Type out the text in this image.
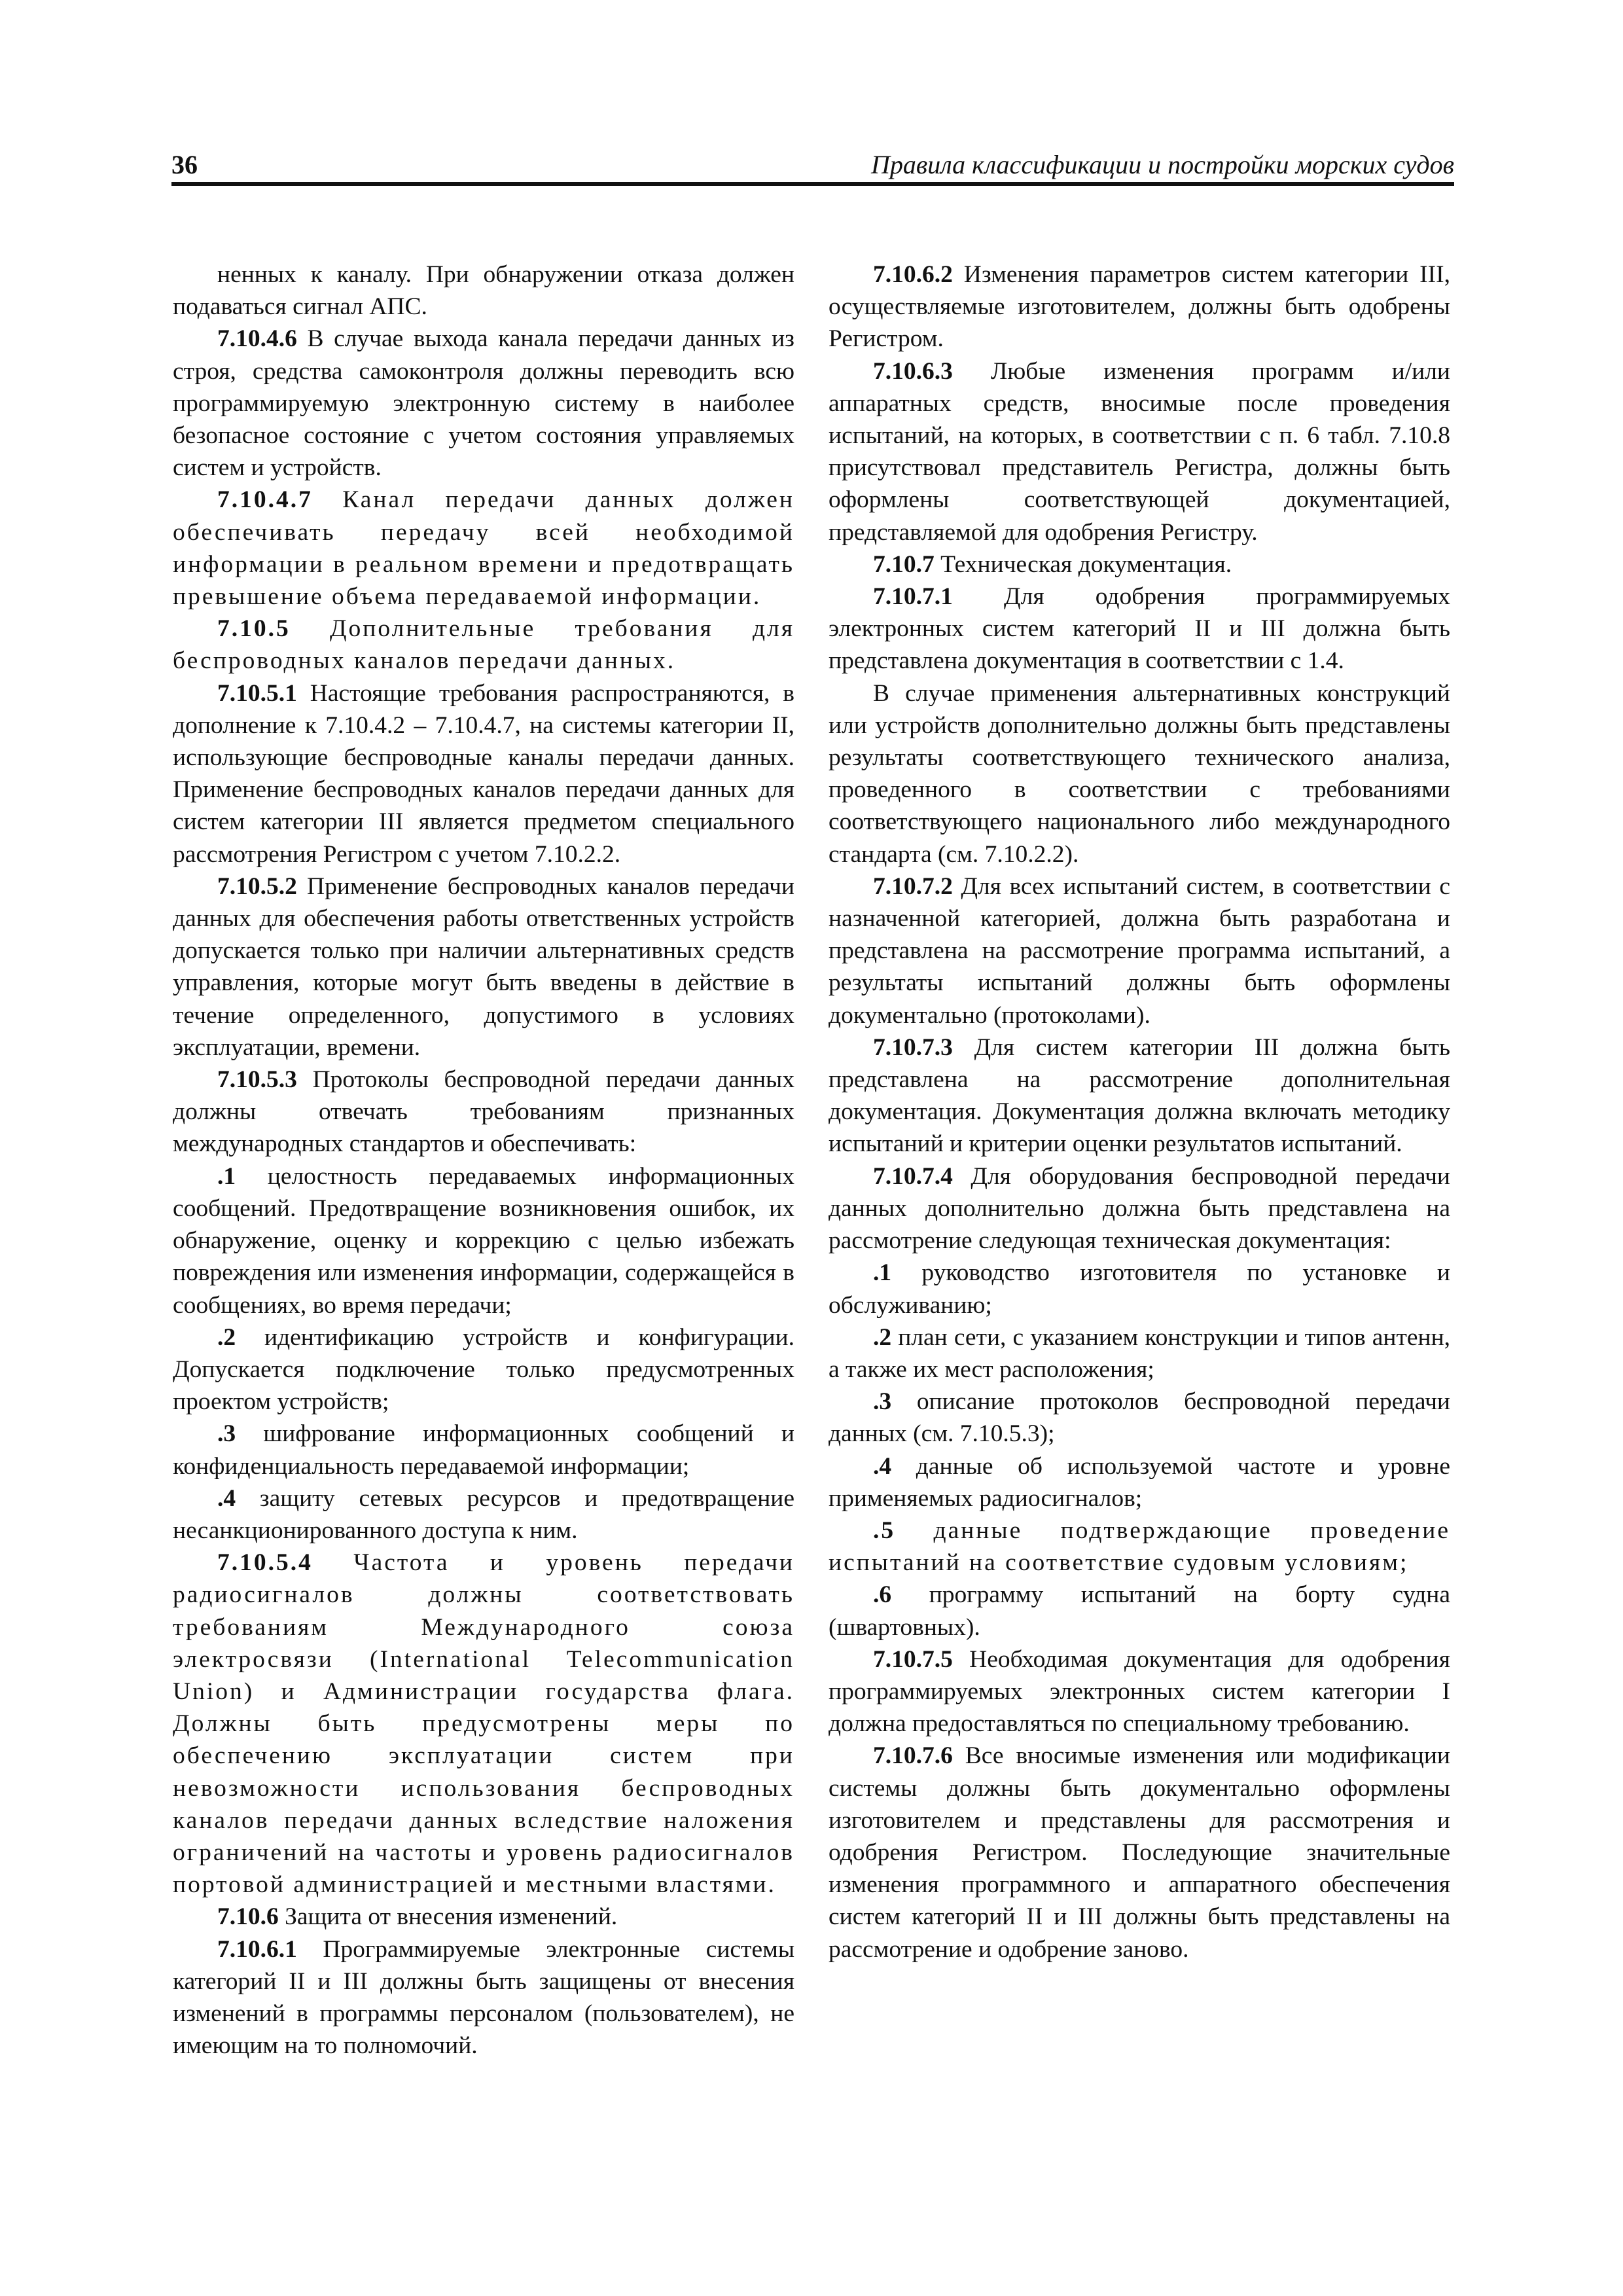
36	Правила классификации и постройки морских судов

ненных к каналу. При обнаружении отказа должен подаваться сигнал АПС.

7.10.4.6 В случае выхода канала передачи данных из строя, средства самоконтроля должны переводить всю программируемую электронную систему в наиболее безопасное состояние с учетом состояния управляемых систем и устройств.

7.10.4.7 Канал передачи данных должен обеспечивать передачу всей необходимой информации в реальном времени и предотвращать превышение объема передаваемой информации.

7.10.5 Дополнительные требования для беспроводных каналов передачи данных.

7.10.5.1 Настоящие требования распространяются, в дополнение к 7.10.4.2 – 7.10.4.7, на системы категории II, использующие беспроводные каналы передачи данных. Применение беспроводных каналов передачи данных для систем категории III является предметом специального рассмотрения Регистром с учетом 7.10.2.2.

7.10.5.2 Применение беспроводных каналов передачи данных для обеспечения работы ответственных устройств допускается только при наличии альтернативных средств управления, которые могут быть введены в действие в течение определенного, допустимого в условиях эксплуатации, времени.

7.10.5.3 Протоколы беспроводной передачи данных должны отвечать требованиям признанных международных стандартов и обеспечивать:

.1 целостность передаваемых информационных сообщений. Предотвращение возникновения ошибок, их обнаружение, оценку и коррекцию с целью избежать повреждения или изменения информации, содержащейся в сообщениях, во время передачи;

.2 идентификацию устройств и конфигурации. Допускается подключение только предусмотренных проектом устройств;

.3 шифрование информационных сообщений и конфиденциальность передаваемой информации;

.4 защиту сетевых ресурсов и предотвращение несанкционированного доступа к ним.

7.10.5.4 Частота и уровень передачи радиосигналов должны соответствовать требованиям Международного союза электросвязи (International Telecommunication Union) и Администрации государства флага. Должны быть предусмотрены меры по обеспечению эксплуатации систем при невозможности использования беспроводных каналов передачи данных вследствие наложения ограничений на частоты и уровень радиосигналов портовой администрацией и местными властями.

7.10.6 Защита от внесения изменений.

7.10.6.1 Программируемые электронные системы категорий II и III должны быть защищены от внесения изменений в программы персоналом (пользователем), не имеющим на то полномочий.

7.10.6.2 Изменения параметров систем категории III, осуществляемые изготовителем, должны быть одобрены Регистром.

7.10.6.3 Любые изменения программ и/или аппаратных средств, вносимые после проведения испытаний, на которых, в соответствии с п. 6 табл. 7.10.8 присутствовал представитель Регистра, должны быть оформлены соответствующей документацией, представляемой для одобрения Регистру.

7.10.7 Техническая документация.

7.10.7.1 Для одобрения программируемых электронных систем категорий II и III должна быть представлена документация в соответствии с 1.4.

В случае применения альтернативных конструкций или устройств дополнительно должны быть представлены результаты соответствующего технического анализа, проведенного в соответствии с требованиями соответствующего национального либо международного стандарта (см. 7.10.2.2).

7.10.7.2 Для всех испытаний систем, в соответствии с назначенной категорией, должна быть разработана и представлена на рассмотрение программа испытаний, а результаты испытаний должны быть оформлены документально (протоколами).

7.10.7.3 Для систем категории III должна быть представлена на рассмотрение дополнительная документация. Документация должна включать методику испытаний и критерии оценки результатов испытаний.

7.10.7.4 Для оборудования беспроводной передачи данных дополнительно должна быть представлена на рассмотрение следующая техническая документация:

.1 руководство изготовителя по установке и обслуживанию;

.2 план сети, с указанием конструкции и типов антенн, а также их мест расположения;

.3 описание протоколов беспроводной передачи данных (см. 7.10.5.3);

.4 данные об используемой частоте и уровне применяемых радиосигналов;

.5 данные подтверждающие проведение испытаний на соответствие судовым условиям;

.6 программу испытаний на борту судна (швартовных).

7.10.7.5 Необходимая документация для одобрения программируемых электронных систем категории I должна предоставляться по специальному требованию.

7.10.7.6 Все вносимые изменения или модификации системы должны быть документально оформлены изготовителем и представлены для рассмотрения и одобрения Регистром. Последующие значительные изменения программного и аппаратного обеспечения систем категорий II и III должны быть представлены на рассмотрение и одобрение заново.
